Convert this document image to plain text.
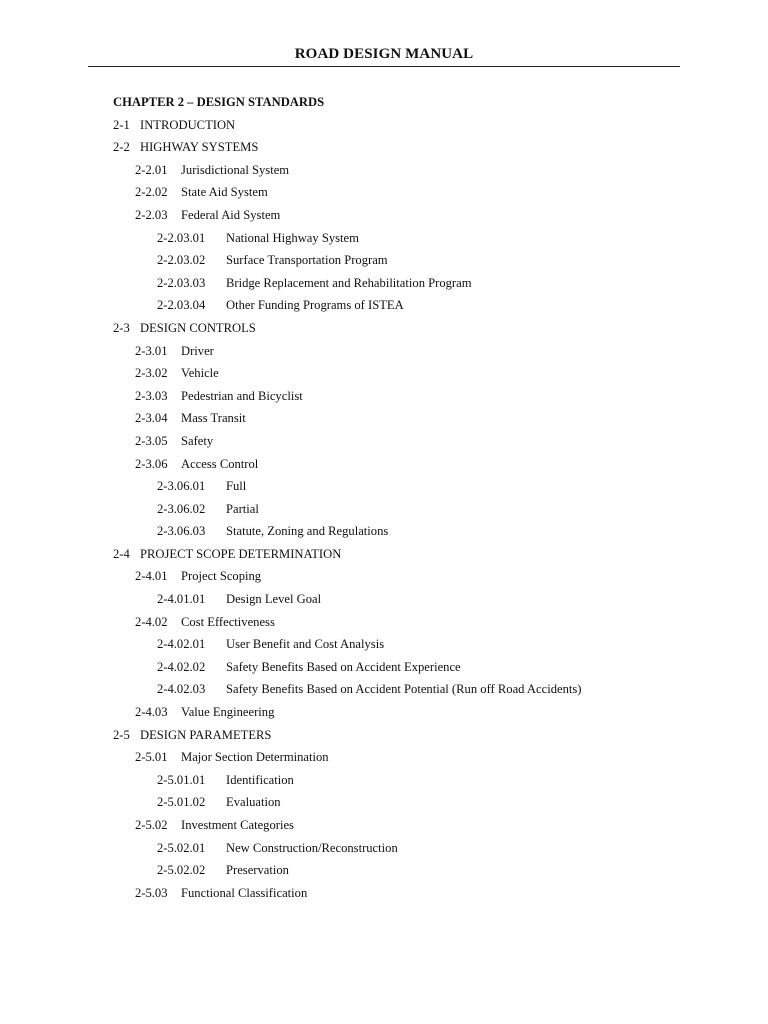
ROAD DESIGN MANUAL
CHAPTER 2 – DESIGN STANDARDS
2-1 INTRODUCTION
2-2 HIGHWAY SYSTEMS
2-2.01 Jurisdictional System
2-2.02 State Aid System
2-2.03 Federal Aid System
2-2.03.01 National Highway System
2-2.03.02 Surface Transportation Program
2-2.03.03 Bridge Replacement and Rehabilitation Program
2-2.03.04 Other Funding Programs of ISTEA
2-3 DESIGN CONTROLS
2-3.01 Driver
2-3.02 Vehicle
2-3.03 Pedestrian and Bicyclist
2-3.04 Mass Transit
2-3.05 Safety
2-3.06 Access Control
2-3.06.01 Full
2-3.06.02 Partial
2-3.06.03 Statute, Zoning and Regulations
2-4 PROJECT SCOPE DETERMINATION
2-4.01 Project Scoping
2-4.01.01 Design Level Goal
2-4.02 Cost Effectiveness
2-4.02.01 User Benefit and Cost Analysis
2-4.02.02 Safety Benefits Based on Accident Experience
2-4.02.03 Safety Benefits Based on Accident Potential (Run off Road Accidents)
2-4.03 Value Engineering
2-5 DESIGN PARAMETERS
2-5.01 Major Section Determination
2-5.01.01 Identification
2-5.01.02 Evaluation
2-5.02 Investment Categories
2-5.02.01 New Construction/Reconstruction
2-5.02.02 Preservation
2-5.03 Functional Classification
